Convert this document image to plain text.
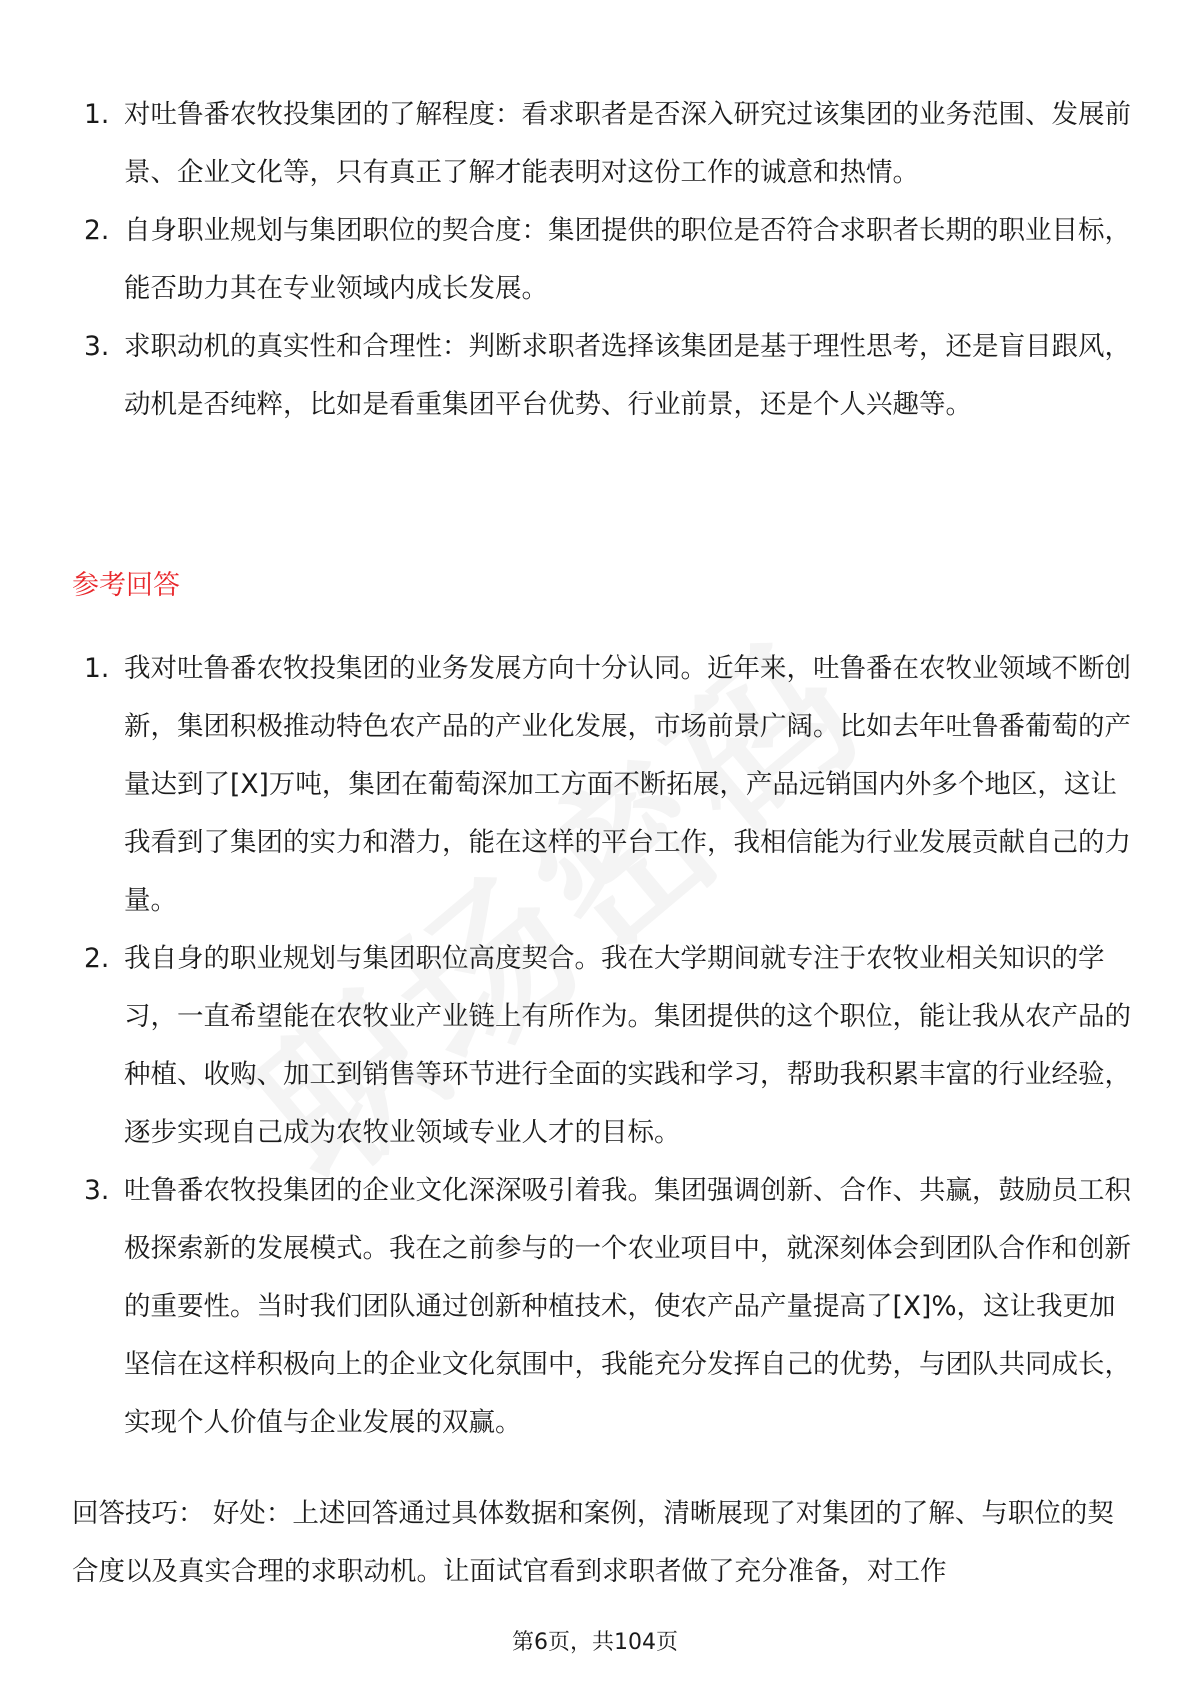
1. 对吐鲁番农牧投集团的了解程度：看求职者是否深入研究过该集团的业务范围、发展前景、企业文化等，只有真正了解才能表明对这份工作的诚意和热情。
2. 自身职业规划与集团职位的契合度：集团提供的职位是否符合求职者长期的职业目标，能否助力其在专业领域内成长发展。
3. 求职动机的真实性和合理性：判断求职者选择该集团是基于理性思考，还是盲目跟风，动机是否纯粹，比如是看重集团平台优势、行业前景，还是个人兴趣等。
参考回答
1. 我对吐鲁番农牧投集团的业务发展方向十分认同。近年来，吐鲁番在农牧业领域不断创新，集团积极推动特色农产品的产业化发展，市场前景广阔。比如去年吐鲁番葡萄的产量达到了[X]万吨，集团在葡萄深加工方面不断拓展，产品远销国内外多个地区，这让我看到了集团的实力和潜力，能在这样的平台工作，我相信能为行业发展贡献自己的力量。
2. 我自身的职业规划与集团职位高度契合。我在大学期间就专注于农牧业相关知识的学习，一直希望能在农牧业产业链上有所作为。集团提供的这个职位，能让我从农产品的种植、收购、加工到销售等环节进行全面的实践和学习，帮助我积累丰富的行业经验，逐步实现自己成为农牧业领域专业人才的目标。
3. 吐鲁番农牧投集团的企业文化深深吸引着我。集团强调创新、合作、共赢，鼓励员工积极探索新的发展模式。我在之前参与的一个农业项目中，就深刻体会到团队合作和创新的重要性。当时我们团队通过创新种植技术，使农产品产量提高了[X]%，这让我更加坚信在这样积极向上的企业文化氛围中，我能充分发挥自己的优势，与团队共同成长，实现个人价值与企业发展的双赢。
回答技巧： 好处：上述回答通过具体数据和案例，清晰展现了对集团的了解、与职位的契合度以及真实合理的求职动机。让面试官看到求职者做了充分准备，对工作
第6页，共104页
